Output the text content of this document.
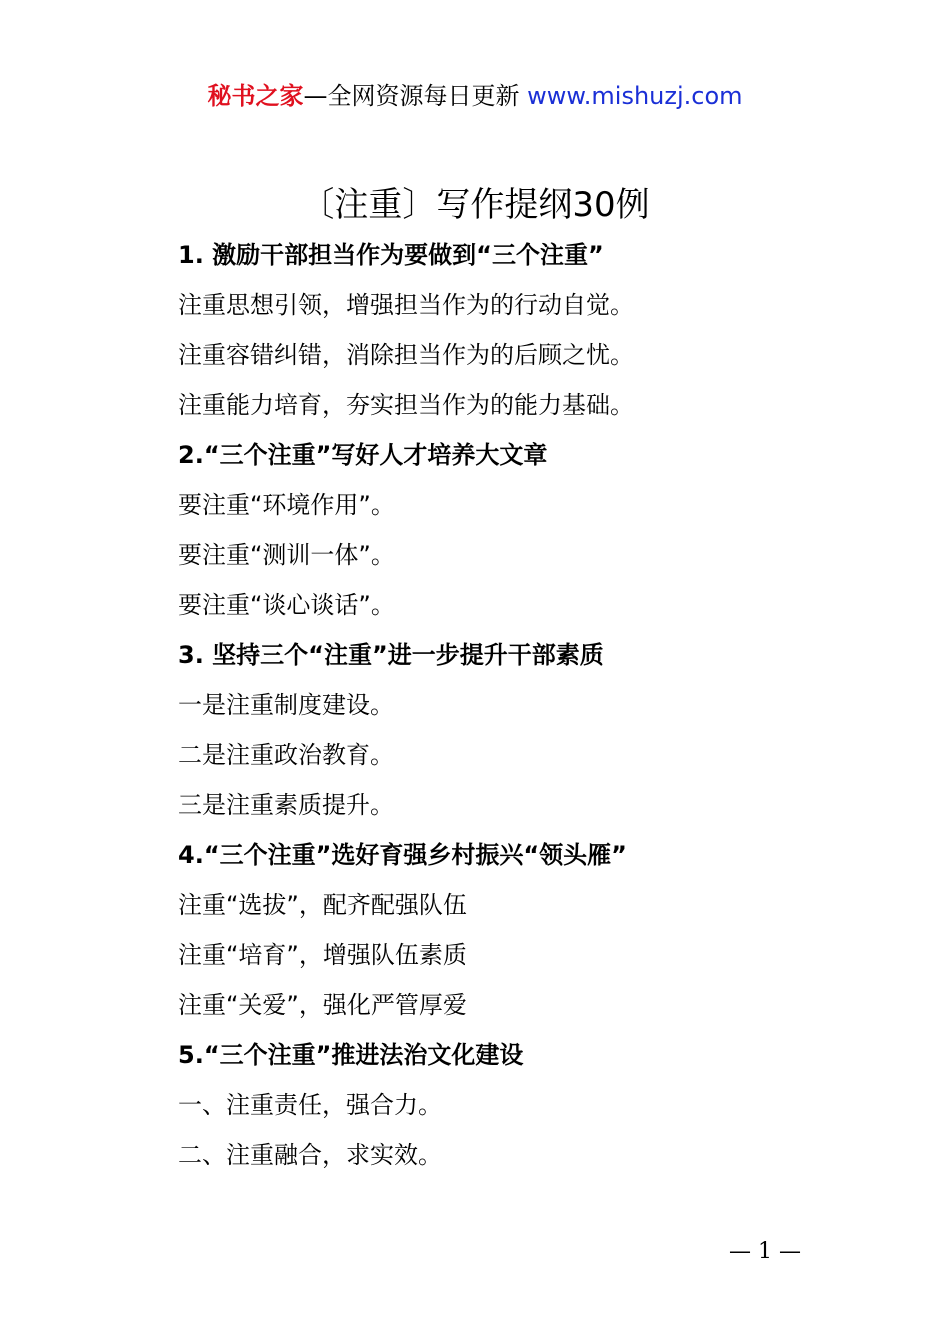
秘书之家—全网资源每日更新 www.mishuzj.com
〔注重〕写作提纲30例
1. 激励干部担当作为要做到“三个注重”
注重思想引领，增强担当作为的行动自觉。
注重容错纠错，消除担当作为的后顾之忧。
注重能力培育，夯实担当作为的能力基础。
2.“三个注重”写好人才培养大文章
要注重“环境作用”。
要注重“测训一体”。
要注重“谈心谈话”。
3. 坚持三个“注重”进一步提升干部素质
一是注重制度建设。
二是注重政治教育。
三是注重素质提升。
4.“三个注重”选好育强乡村振兴“领头雁”
注重“选拔”，配齐配强队伍
注重“培育”，增强队伍素质
注重“关爱”，强化严管厚爱
5.“三个注重”推进法治文化建设
一、注重责任，强合力。
二、注重融合，求实效。
— 1 —
